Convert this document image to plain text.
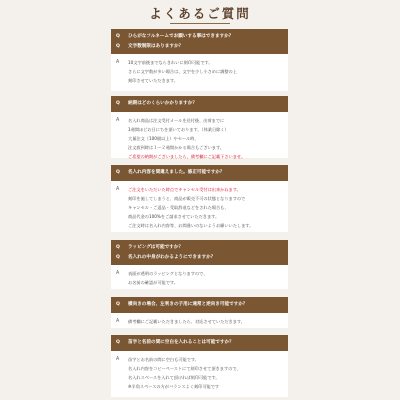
よくあるご質問
Q	ひらがなフルネームでお願いする事はできますか？
Q	文字数制限はありますか？
A	10文字前後までならきれいに刻印可能です。
さらに文字数が多い場合は、文字を少し小さめに調整の上
刻印させていただきます。
Q	納期はどのくらいかかりますか？
A	名入れ商品は注文受付メールを送付後、出荷までに
1週間ほどお日にちを頂いております。（休業日除く）
大量注文（100個以上）やセール時、
注文殺到時は１～２週間かかる場合もございます。
ご希望の納期がございましたら、備考欄にご記載下さいませ。
Q	名入れ内容を間違えました。修正可能ですか？
A	ご注文をいただいた時点でキャンセル受付は出来かねます。
刻印を施してしまうと、商品が販売不可の状態となりますので
キャンセル・ご返品・受取辞退などをされた場合も、
商品代金の100%をご請求させていただきます。
ご注文時は名入れ内容等、お間違いのないようお願いいたします。
Q	ラッピングは可能ですか？
Q	名入れの中身がわかるようにできますか？
A	表面が透明のラッピングとなりますので、
お名前の確認が可能です。
Q	横向きの場合、左利きの子用に通常と逆向き可能ですか？
A	備考欄にご記載いただきましたら、対応させていただきます。
Q	苗字と名前の間に空白を入れることは可能ですか？
A	苗字とお名前の間に空白も可能です。
名入れ内容をコピーペーストにて刻印させて頂きますので、
名入れスペースを入れて頂ければ刻印可能です。
※半角スペースの方がバランスよく刻印可能です
